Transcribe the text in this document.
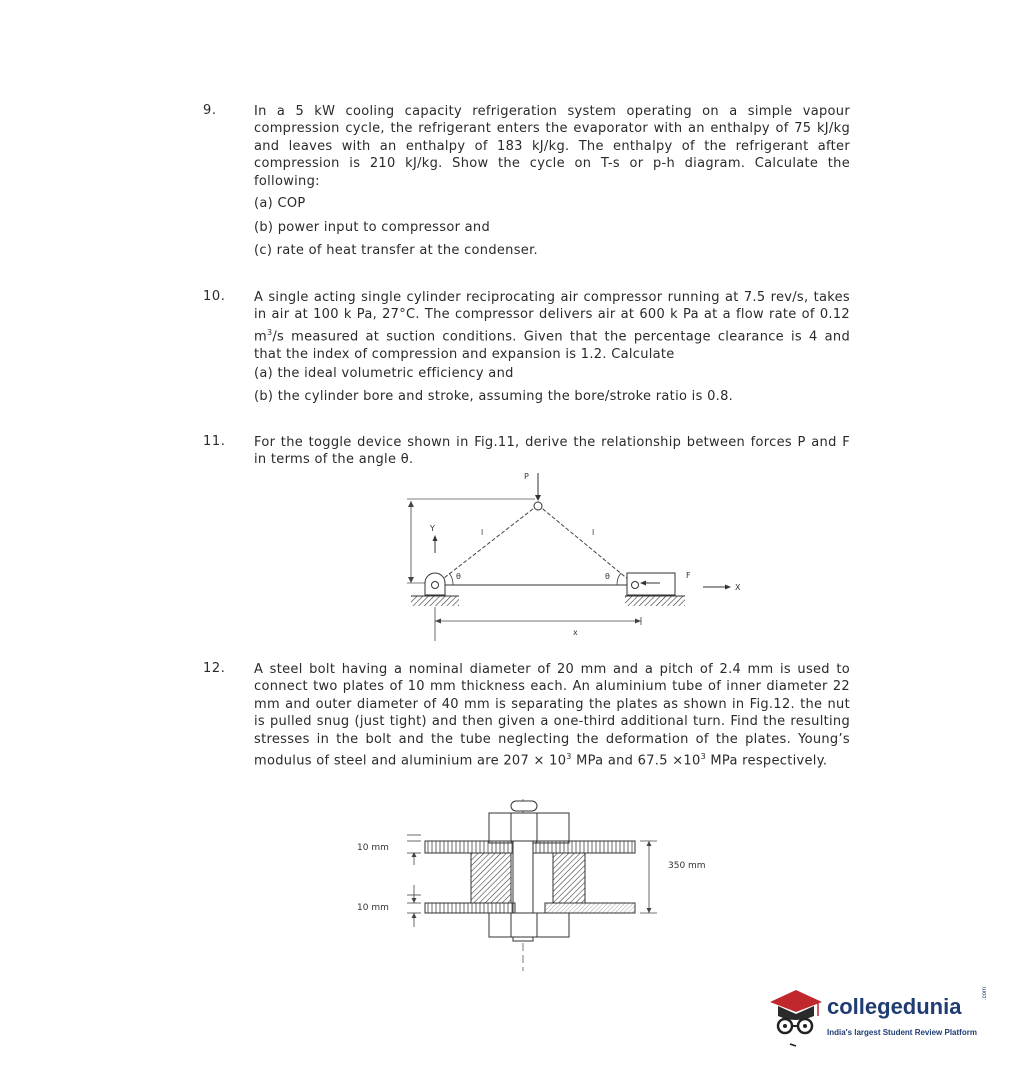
9.	In a 5 kW cooling capacity refrigeration system operating on a simple vapour compression cycle, the refrigerant enters the evaporator with an enthalpy of 75 kJ/kg and leaves with an enthalpy of 183 kJ/kg. The enthalpy of the refrigerant after compression is 210 kJ/kg. Show the cycle on T-s or p-h diagram. Calculate the following:

(a) COP
(b) power input to compressor and
(c) rate of heat transfer at the condenser.
10. A single acting single cylinder reciprocating air compressor running at 7.5 rev/s, takes in air at 100 k Pa, 27°C. The compressor delivers air at 600 k Pa at a flow rate of 0.12 $m^3/s$ measured at suction conditions. Given that the percentage clearance is 4 and that the index of compression and expansion is 1.2. Calculate

(a) the ideal volumetric efficiency and
(b) the cylinder bore and stroke, assuming the bore/stroke ratio is 0.8.
11. For the toggle device shown in Fig.11, derive the relationship between forces P and F in terms of the angle θ.

P
Y	l	l
θ	θ	F
X
x
12. A steel bolt having a nominal diameter of 20 mm and a pitch of 2.4 mm is used to connect two plates of 10 mm thickness each. An aluminium tube of inner diameter 22 mm and outer diameter of 40 mm is separating the plates as shown in Fig.12. the nut is pulled snug (just tight) and then given a one-third additional turn. Find the resulting stresses in the bolt and the tube neglecting the deformation of the plates. Young’s modulus of steel and aluminium are $207 \times 10^3$ MPa and $67.5 \times 10^3$ MPa respectively.

10 mm
10 mm
350 mm
collegedunia
.com
India's largest Student Review Platform
